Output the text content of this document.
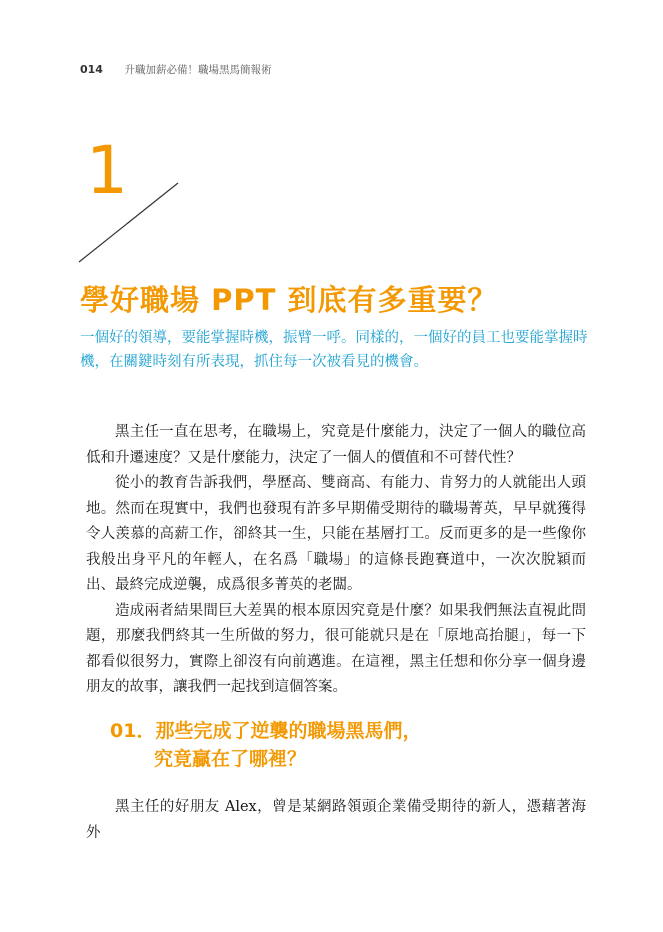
014 升職加薪必備！職場黑馬簡報術
1
學好職場 PPT 到底有多重要？
一個好的領導，要能掌握時機，振臂一呼。同樣的，一個好的員工也要能掌握時機，在關鍵時刻有所表現，抓住每一次被看見的機會。

黑主任一直在思考，在職場上，究竟是什麼能力，決定了一個人的職位高低和升遷速度？又是什麼能力，決定了一個人的價值和不可替代性？

從小的教育告訴我們，學歷高、雙商高、有能力、肯努力的人就能出人頭地。然而在現實中，我們也發現有許多早期備受期待的職場菁英，早早就獲得令人羡慕的高薪工作，卻終其一生，只能在基層打工。反而更多的是一些像你我般出身平凡的年輕人，在名爲「職場」的這條長跑賽道中，一次次脫穎而出、最終完成逆襲，成爲很多菁英的老闆。

造成兩者結果間巨大差異的根本原因究竟是什麼？如果我們無法直視此問題，那麼我們終其一生所做的努力，很可能就只是在「原地高抬腿」，每一下都看似很努力，實際上卻沒有向前邁進。在這裡，黑主任想和你分享一個身邊朋友的故事，讓我們一起找到這個答案。

01．那些完成了逆襲的職場黑馬們，
究竟贏在了哪裡？

黑主任的好朋友 Alex，曾是某網路領頭企業備受期待的新人，憑藉著海外
